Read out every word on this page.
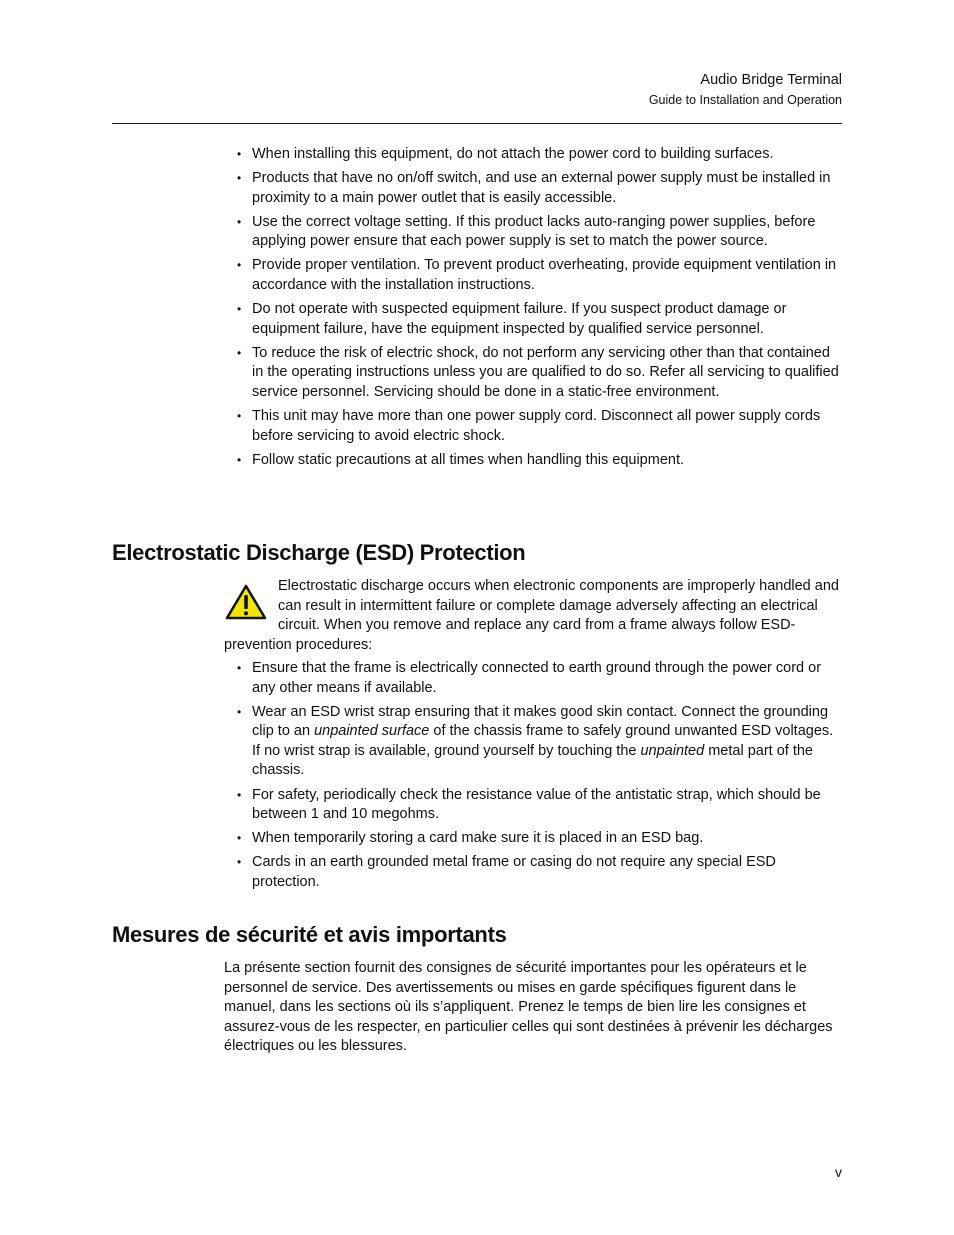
Audio Bridge Terminal
Guide to Installation and Operation
• When installing this equipment, do not attach the power cord to building surfaces.
• Products that have no on/off switch, and use an external power supply must be installed in proximity to a main power outlet that is easily accessible.
• Use the correct voltage setting. If this product lacks auto-ranging power supplies, before applying power ensure that each power supply is set to match the power source.
• Provide proper ventilation. To prevent product overheating, provide equipment ventilation in accordance with the installation instructions.
• Do not operate with suspected equipment failure. If you suspect product damage or equipment failure, have the equipment inspected by qualified service personnel.
• To reduce the risk of electric shock, do not perform any servicing other than that contained in the operating instructions unless you are qualified to do so. Refer all servicing to qualified service personnel. Servicing should be done in a static-free environment.
• This unit may have more than one power supply cord. Disconnect all power supply cords before servicing to avoid electric shock.
• Follow static precautions at all times when handling this equipment.
Electrostatic Discharge (ESD) Protection

Electrostatic discharge occurs when electronic components are improperly handled and can result in intermittent failure or complete damage adversely affecting an electrical circuit. When you remove and replace any card from a frame always follow ESD-prevention procedures:

• Ensure that the frame is electrically connected to earth ground through the power cord or any other means if available.
• Wear an ESD wrist strap ensuring that it makes good skin contact. Connect the grounding clip to an unpainted surface of the chassis frame to safely ground unwanted ESD voltages. If no wrist strap is available, ground yourself by touching the unpainted metal part of the chassis.
• For safety, periodically check the resistance value of the antistatic strap, which should be between 1 and 10 megohms.
• When temporarily storing a card make sure it is placed in an ESD bag.
• Cards in an earth grounded metal frame or casing do not require any special ESD protection.
Mesures de sécurité et avis importants

La présente section fournit des consignes de sécurité importantes pour les opérateurs et le personnel de service. Des avertissements ou mises en garde spécifiques figurent dans le manuel, dans les sections où ils s’appliquent. Prenez le temps de bien lire les consignes et assurez-vous de les respecter, en particulier celles qui sont destinées à prévenir les décharges électriques ou les blessures.

v
